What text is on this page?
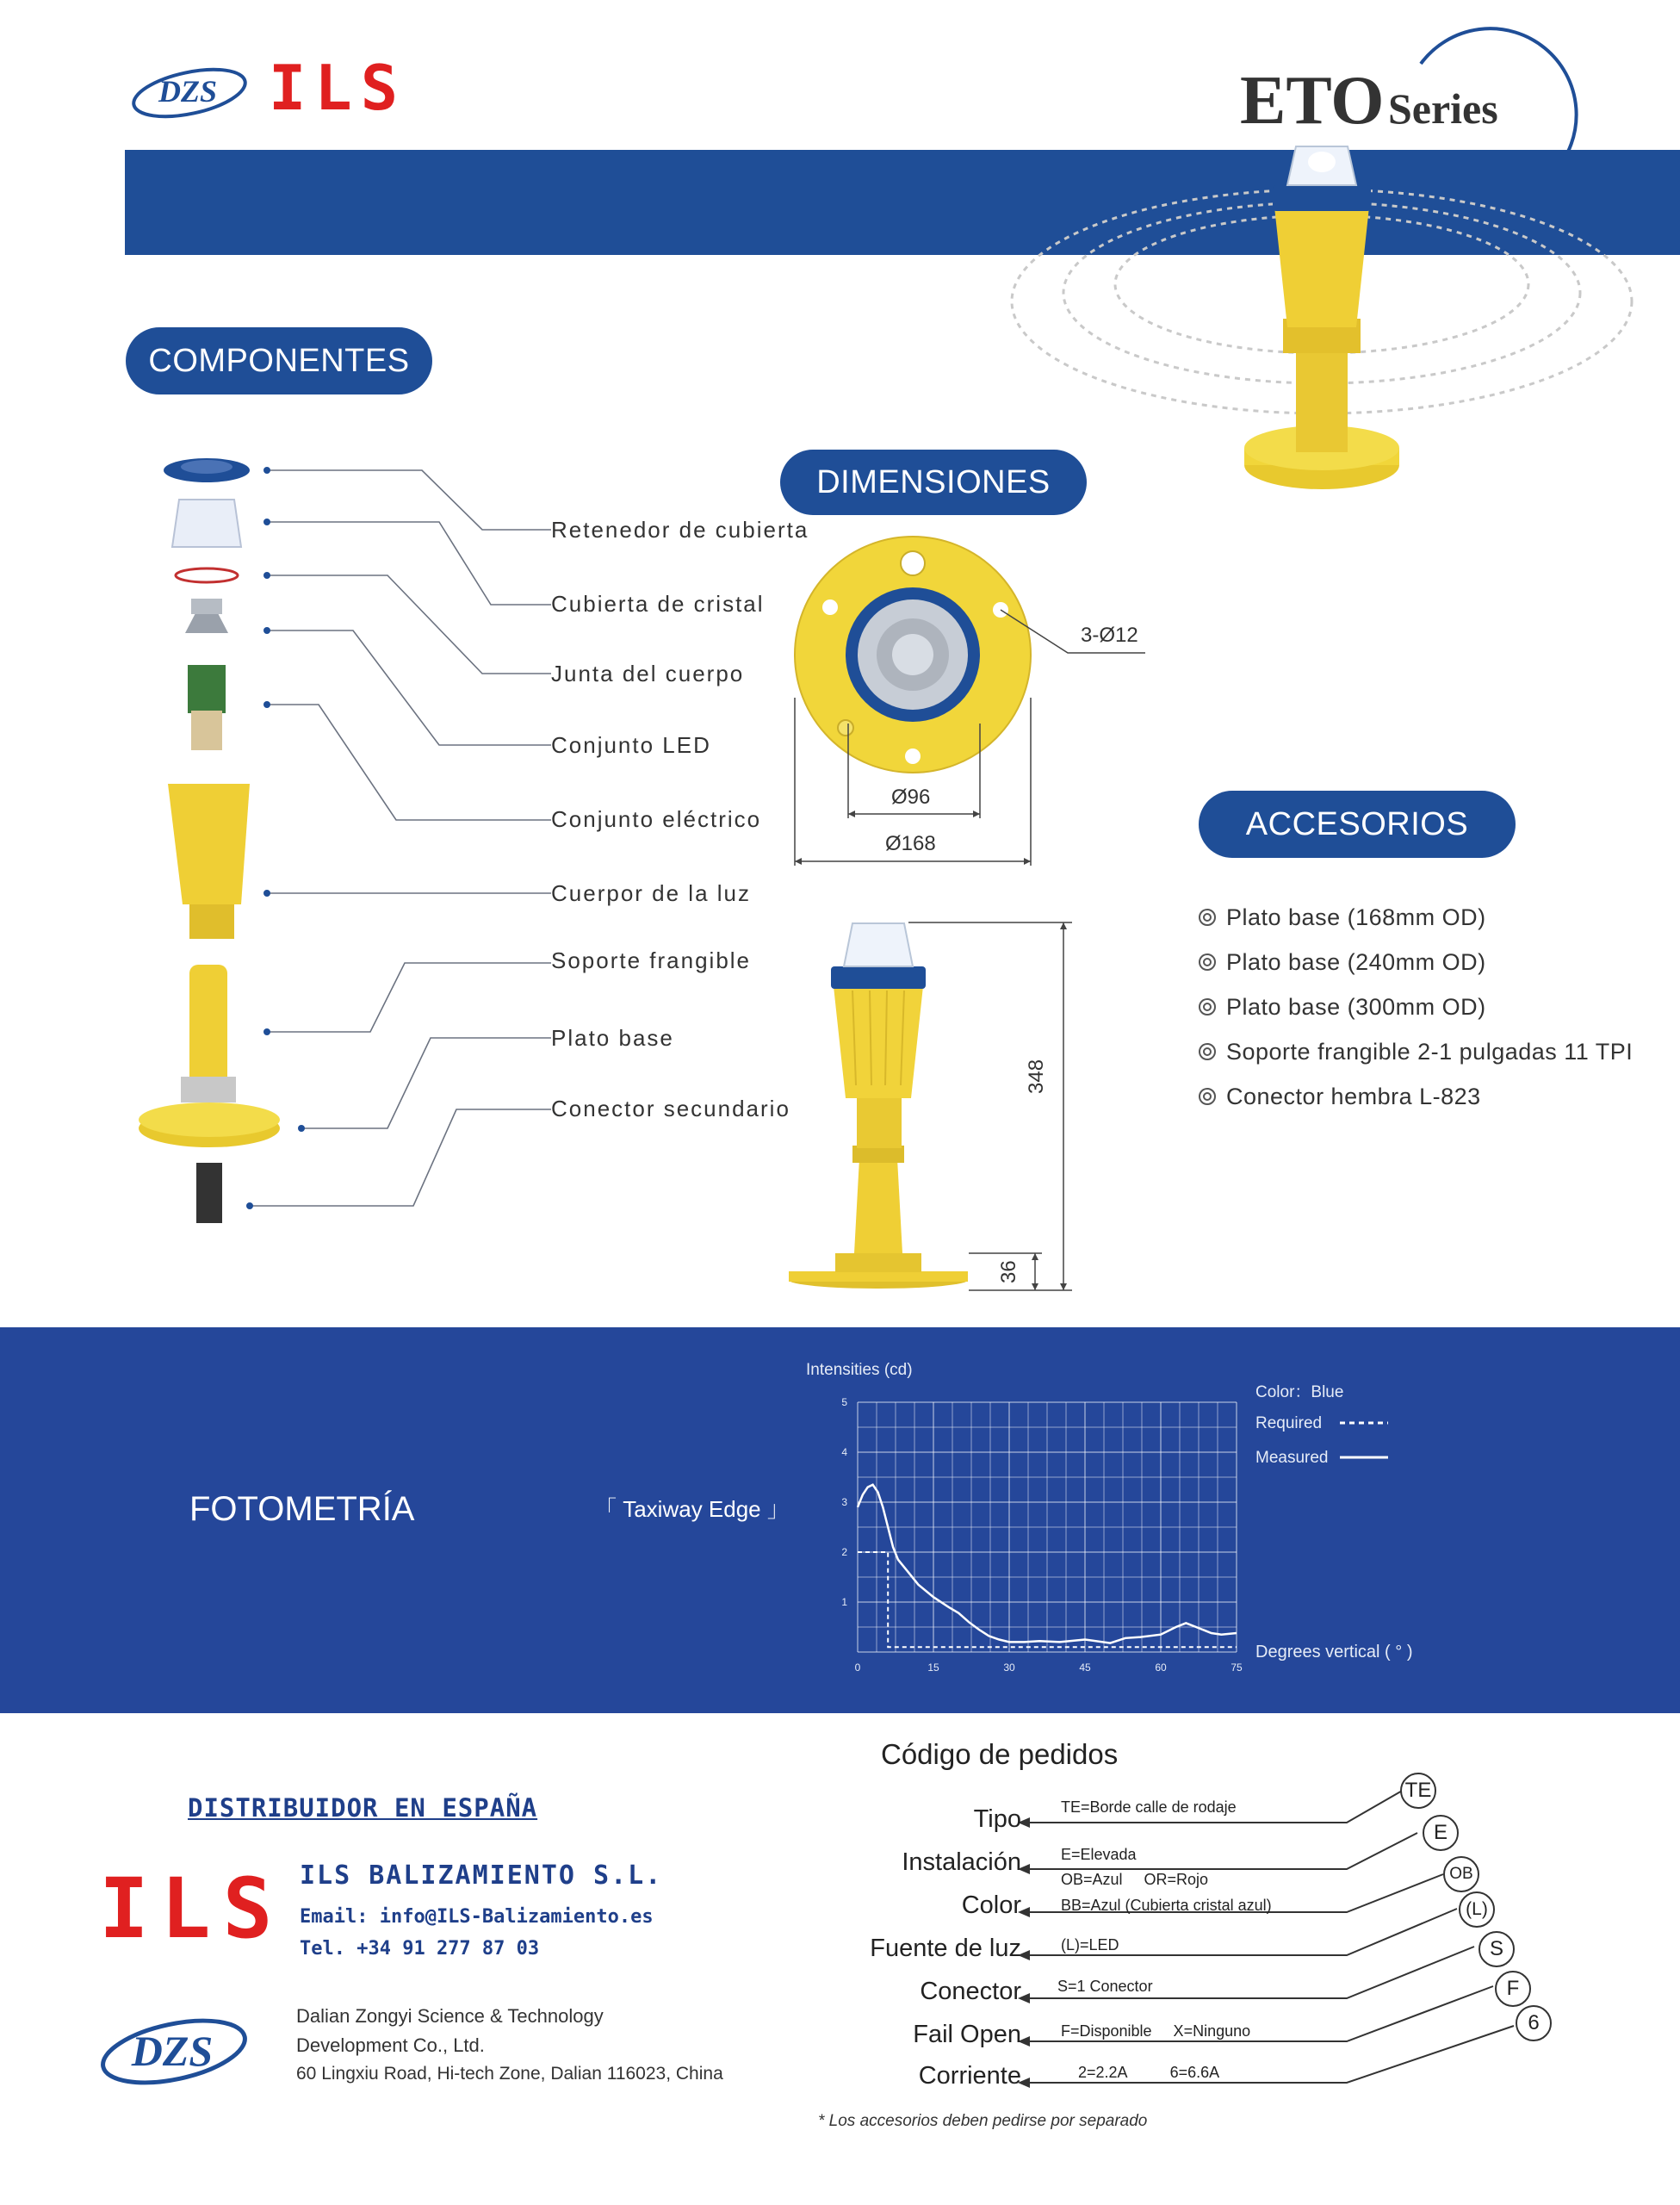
DZS ILS	ETO Series
COMPONENTES
Retenedor de cubierta
Cubierta de cristal
Junta del cuerpo
Conjunto LED
Conjunto eléctrico
Cuerpor de la luz
Soporte frangible
Plato base
Conector secundario
DIMENSIONES
3-Ø12
Ø96
Ø168
348
36
ACCESORIOS
Plato base (168mm OD)
Plato base (240mm OD)
Plato base (300mm OD)
Soporte frangible 2-1 pulgadas 11 TPI
Conector hembra L-823
FOTOMETRÍA	「 Taxiway Edge 」
Intensities (cd)
Degrees vertical ( ° )
0	15	30	45	60	75
1
2
3
4
5
Color：Blue
Required
Measured
DISTRIBUIDOR EN ESPAÑA
ILS ILS BALIZAMIENTO S.L.
Email: info@ILS-Balizamiento.es
Tel. +34 91 277 87 03
DZS
Dalian Zongyi Science & Technology
Development Co., Ltd.
60 Lingxiu Road, Hi-tech Zone, Dalian 116023, China
Código de pedidos
Tipo
Instalación
Color
Fuente de luz
Conector
Fail Open
Corriente
TE=Borde calle de rodaje
E=Elevada
OB=Azul     OR=Rojo
BB=Azul (Cubierta cristal azul)
(L)=LED
S=1 Conector
F=Disponible     X=Ninguno
2=2.2A          6=6.6A
TE
E
OB
(L)
S
F
6
* Los accesorios deben pedirse por separado
